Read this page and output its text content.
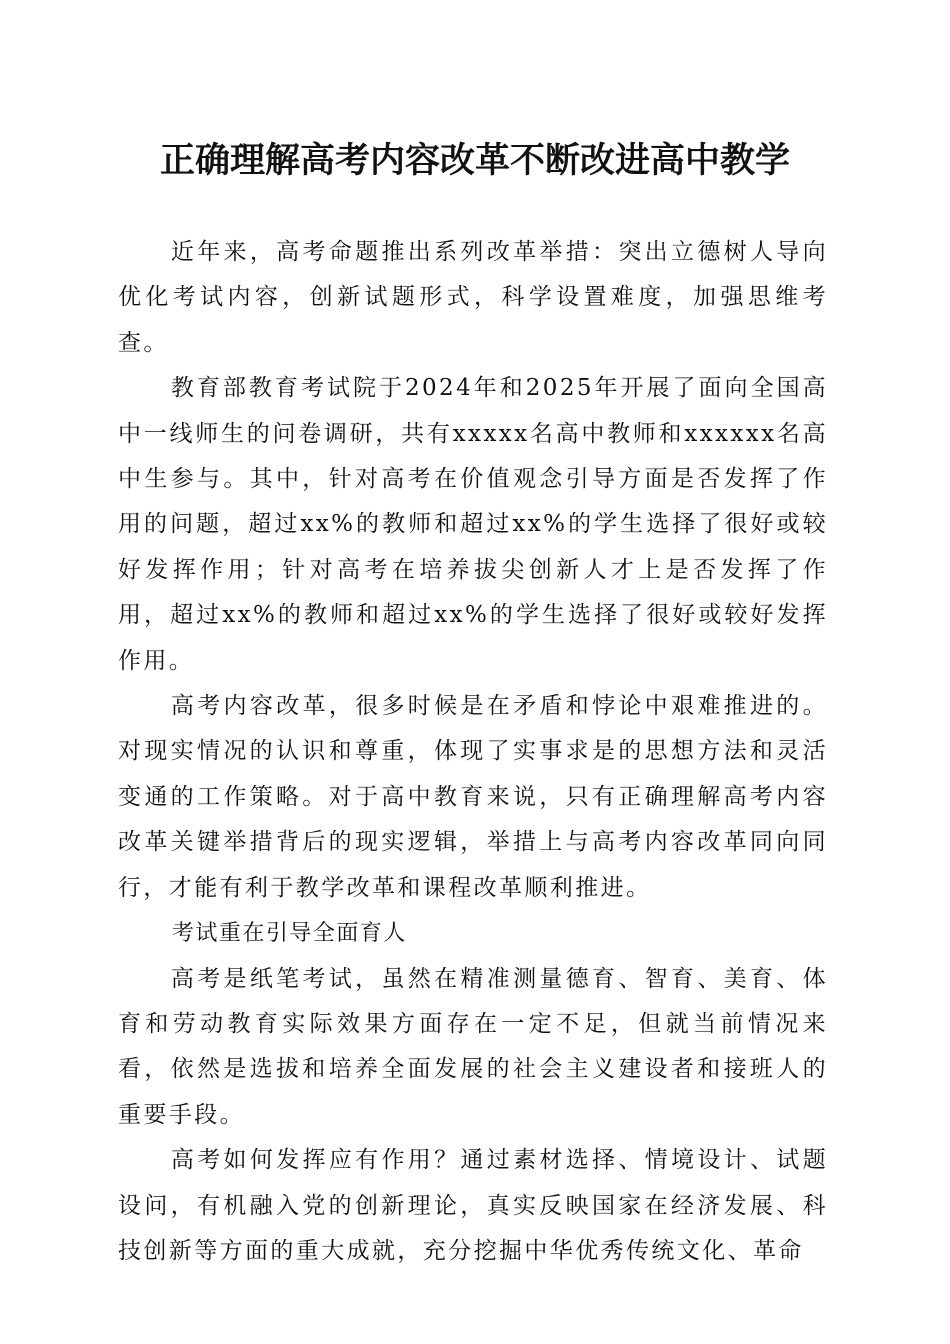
正确理解高考内容改革不断改进高中教学

近年来，高考命题推出系列改革举措：突出立德树人导向优化考试内容，创新试题形式，科学设置难度，加强思维考查。

教育部教育考试院于2024年和2025年开展了面向全国高中一线师生的问卷调研，共有xxxxx名高中教师和xxxxxx名高中生参与。其中，针对高考在价值观念引导方面是否发挥了作用的问题，超过xx%的教师和超过xx%的学生选择了很好或较好发挥作用；针对高考在培养拔尖创新人才上是否发挥了作用，超过xx%的教师和超过xx%的学生选择了很好或较好发挥作用。

高考内容改革，很多时候是在矛盾和悖论中艰难推进的。对现实情况的认识和尊重，体现了实事求是的思想方法和灵活变通的工作策略。对于高中教育来说，只有正确理解高考内容改革关键举措背后的现实逻辑，举措上与高考内容改革同向同行，才能有利于教学改革和课程改革顺利推进。

考试重在引导全面育人

高考是纸笔考试，虽然在精准测量德育、智育、美育、体育和劳动教育实际效果方面存在一定不足，但就当前情况来看，依然是选拔和培养全面发展的社会主义建设者和接班人的重要手段。

高考如何发挥应有作用？通过素材选择、情境设计、试题设问，有机融入党的创新理论，真实反映国家在经济发展、科技创新等方面的重大成就，充分挖掘中华优秀传统文化、革命
